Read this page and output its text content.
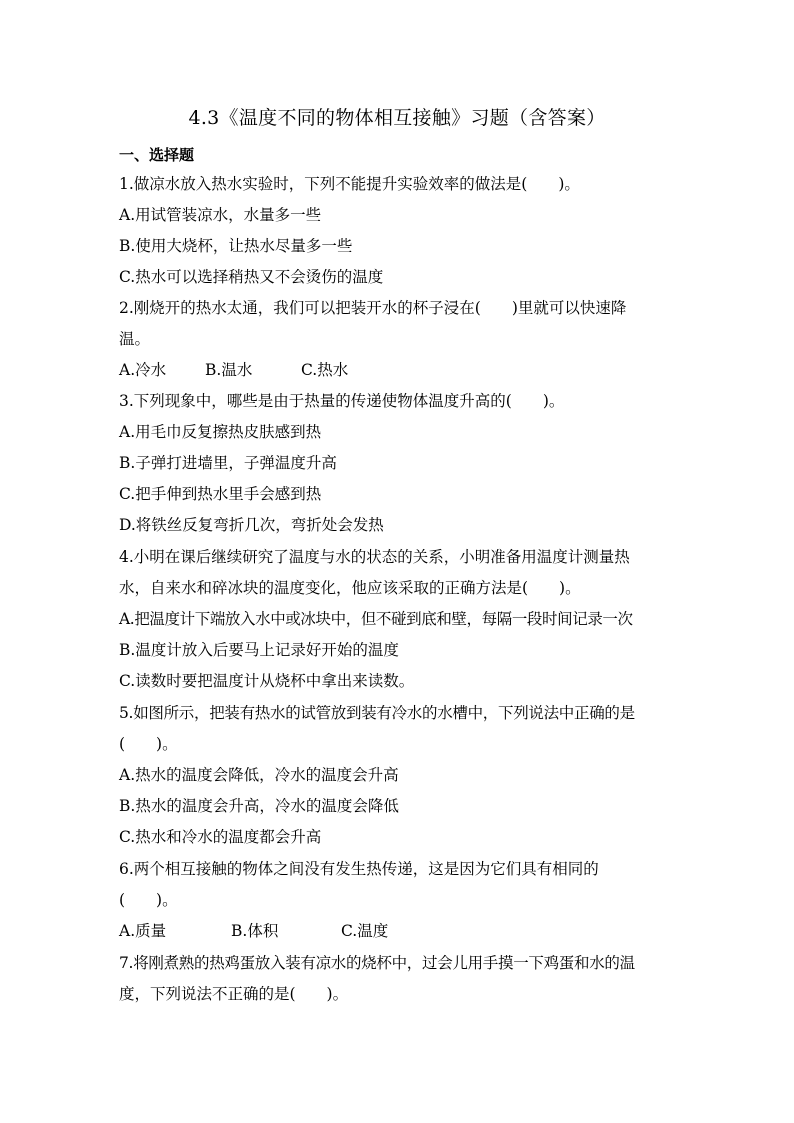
4.3《温度不同的物体相互接触》习题（含答案）
一、选择题
1.做凉水放入热水实验时，下列不能提升实验效率的做法是(　　)。
A.用试管装凉水，水量多一些
B.使用大烧杯，让热水尽量多一些
C.热水可以选择稍热又不会烫伤的温度
2.刚烧开的热水太通，我们可以把装开水的杯子浸在(　　)里就可以快速降
温。
A.冷水	B.温水	C.热水
3.下列现象中，哪些是由于热量的传递使物体温度升高的(　　)。
A.用毛巾反复擦热皮肤感到热
B.子弹打进墙里，子弹温度升高
C.把手伸到热水里手会感到热
D.将铁丝反复弯折几次，弯折处会发热
4.小明在课后继续研究了温度与水的状态的关系，小明准备用温度计测量热
水，自来水和碎冰块的温度变化，他应该采取的正确方法是(　　)。
A.把温度计下端放入水中或冰块中，但不碰到底和壁，每隔一段时间记录一次
B.温度计放入后要马上记录好开始的温度
C.读数时要把温度计从烧杯中拿出来读数。
5.如图所示，把装有热水的试管放到装有冷水的水槽中，下列说法中正确的是
(　　)。
A.热水的温度会降低，冷水的温度会升高
B.热水的温度会升高，冷水的温度会降低
C.热水和冷水的温度都会升高
6.两个相互接触的物体之间没有发生热传递，这是因为它们具有相同的
(　　)。
A.质量	B.体积	C.温度
7.将刚煮熟的热鸡蛋放入装有凉水的烧杯中，过会儿用手摸一下鸡蛋和水的温
度，下列说法不正确的是(　　)。
